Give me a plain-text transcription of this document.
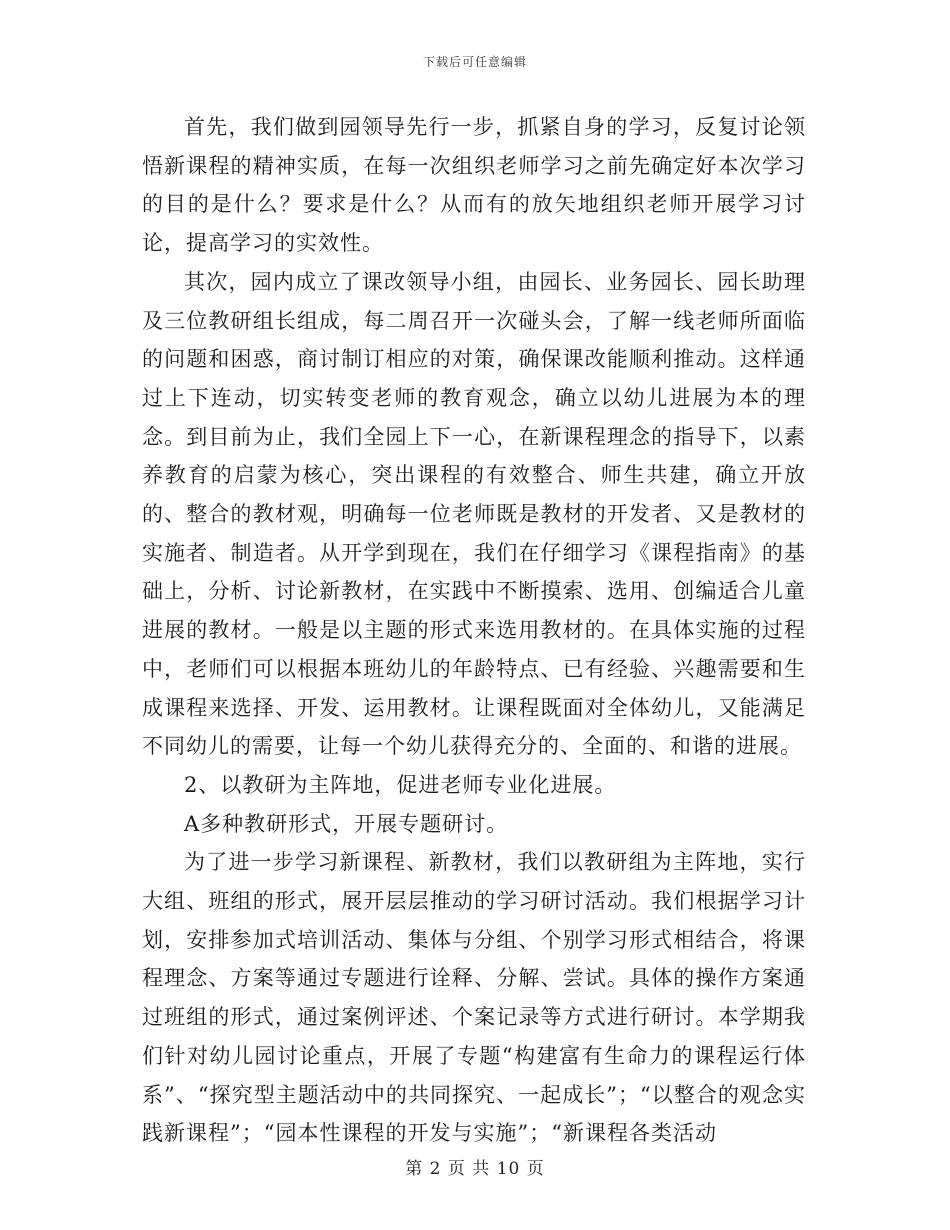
下载后可任意编辑

首先，我们做到园领导先行一步，抓紧自身的学习，反复讨论领悟新课程的精神实质，在每一次组织老师学习之前先确定好本次学习的目的是什么？要求是什么？从而有的放矢地组织老师开展学习讨论，提高学习的实效性。

其次，园内成立了课改领导小组，由园长、业务园长、园长助理及三位教研组长组成，每二周召开一次碰头会，了解一线老师所面临的问题和困惑，商讨制订相应的对策，确保课改能顺利推动。这样通过上下连动，切实转变老师的教育观念，确立以幼儿进展为本的理念。到目前为止，我们全园上下一心，在新课程理念的指导下，以素养教育的启蒙为核心，突出课程的有效整合、师生共建，确立开放的、整合的教材观，明确每一位老师既是教材的开发者、又是教材的实施者、制造者。从开学到现在，我们在仔细学习《课程指南》的基础上，分析、讨论新教材，在实践中不断摸索、选用、创编适合儿童进展的教材。一般是以主题的形式来选用教材的。在具体实施的过程中，老师们可以根据本班幼儿的年龄特点、已有经验、兴趣需要和生成课程来选择、开发、运用教材。让课程既面对全体幼儿，又能满足不同幼儿的需要，让每一个幼儿获得充分的、全面的、和谐的进展。

2、以教研为主阵地，促进老师专业化进展。

A多种教研形式，开展专题研讨。

为了进一步学习新课程、新教材，我们以教研组为主阵地，实行大组、班组的形式，展开层层推动的学习研讨活动。我们根据学习计划，安排参加式培训活动、集体与分组、个别学习形式相结合，将课程理念、方案等通过专题进行诠释、分解、尝试。具体的操作方案通过班组的形式，通过案例评述、个案记录等方式进行研讨。本学期我们针对幼儿园讨论重点，开展了专题“构建富有生命力的课程运行体系”、“探究型主题活动中的共同探究、一起成长”；“以整合的观念实践新课程”；“园本性课程的开发与实施”；“新课程各类活动

第 2 页 共 10 页
